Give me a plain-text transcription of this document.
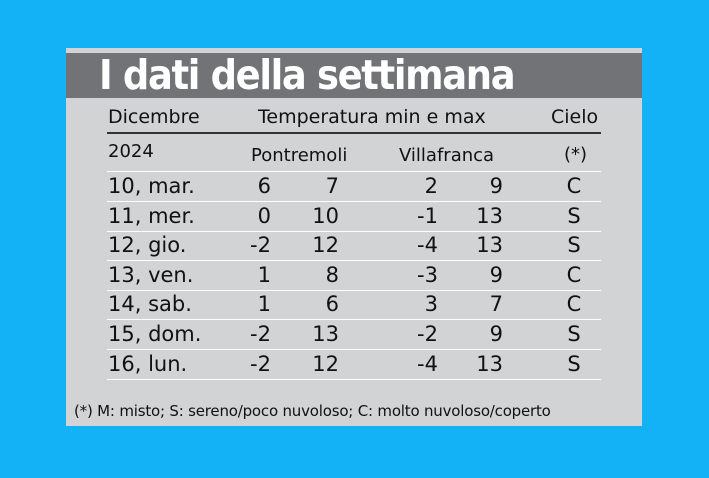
I dati della settimana
Dicembre	Temperatura min e max	Cielo
2024	Pontremoli	Villafranca	(*)
10, mar.	6	7	2	9	C
11, mer.	0	10	-1	13	S
12, gio.	-2	12	-4	13	S
13, ven.	1	8	-3	9	C
14, sab.	1	6	3	7	C
15, dom.	-2	13	-2	9	S
16, lun.	-2	12	-4	13	S
(*) M: misto; S: sereno/poco nuvoloso; C: molto nuvoloso/coperto
